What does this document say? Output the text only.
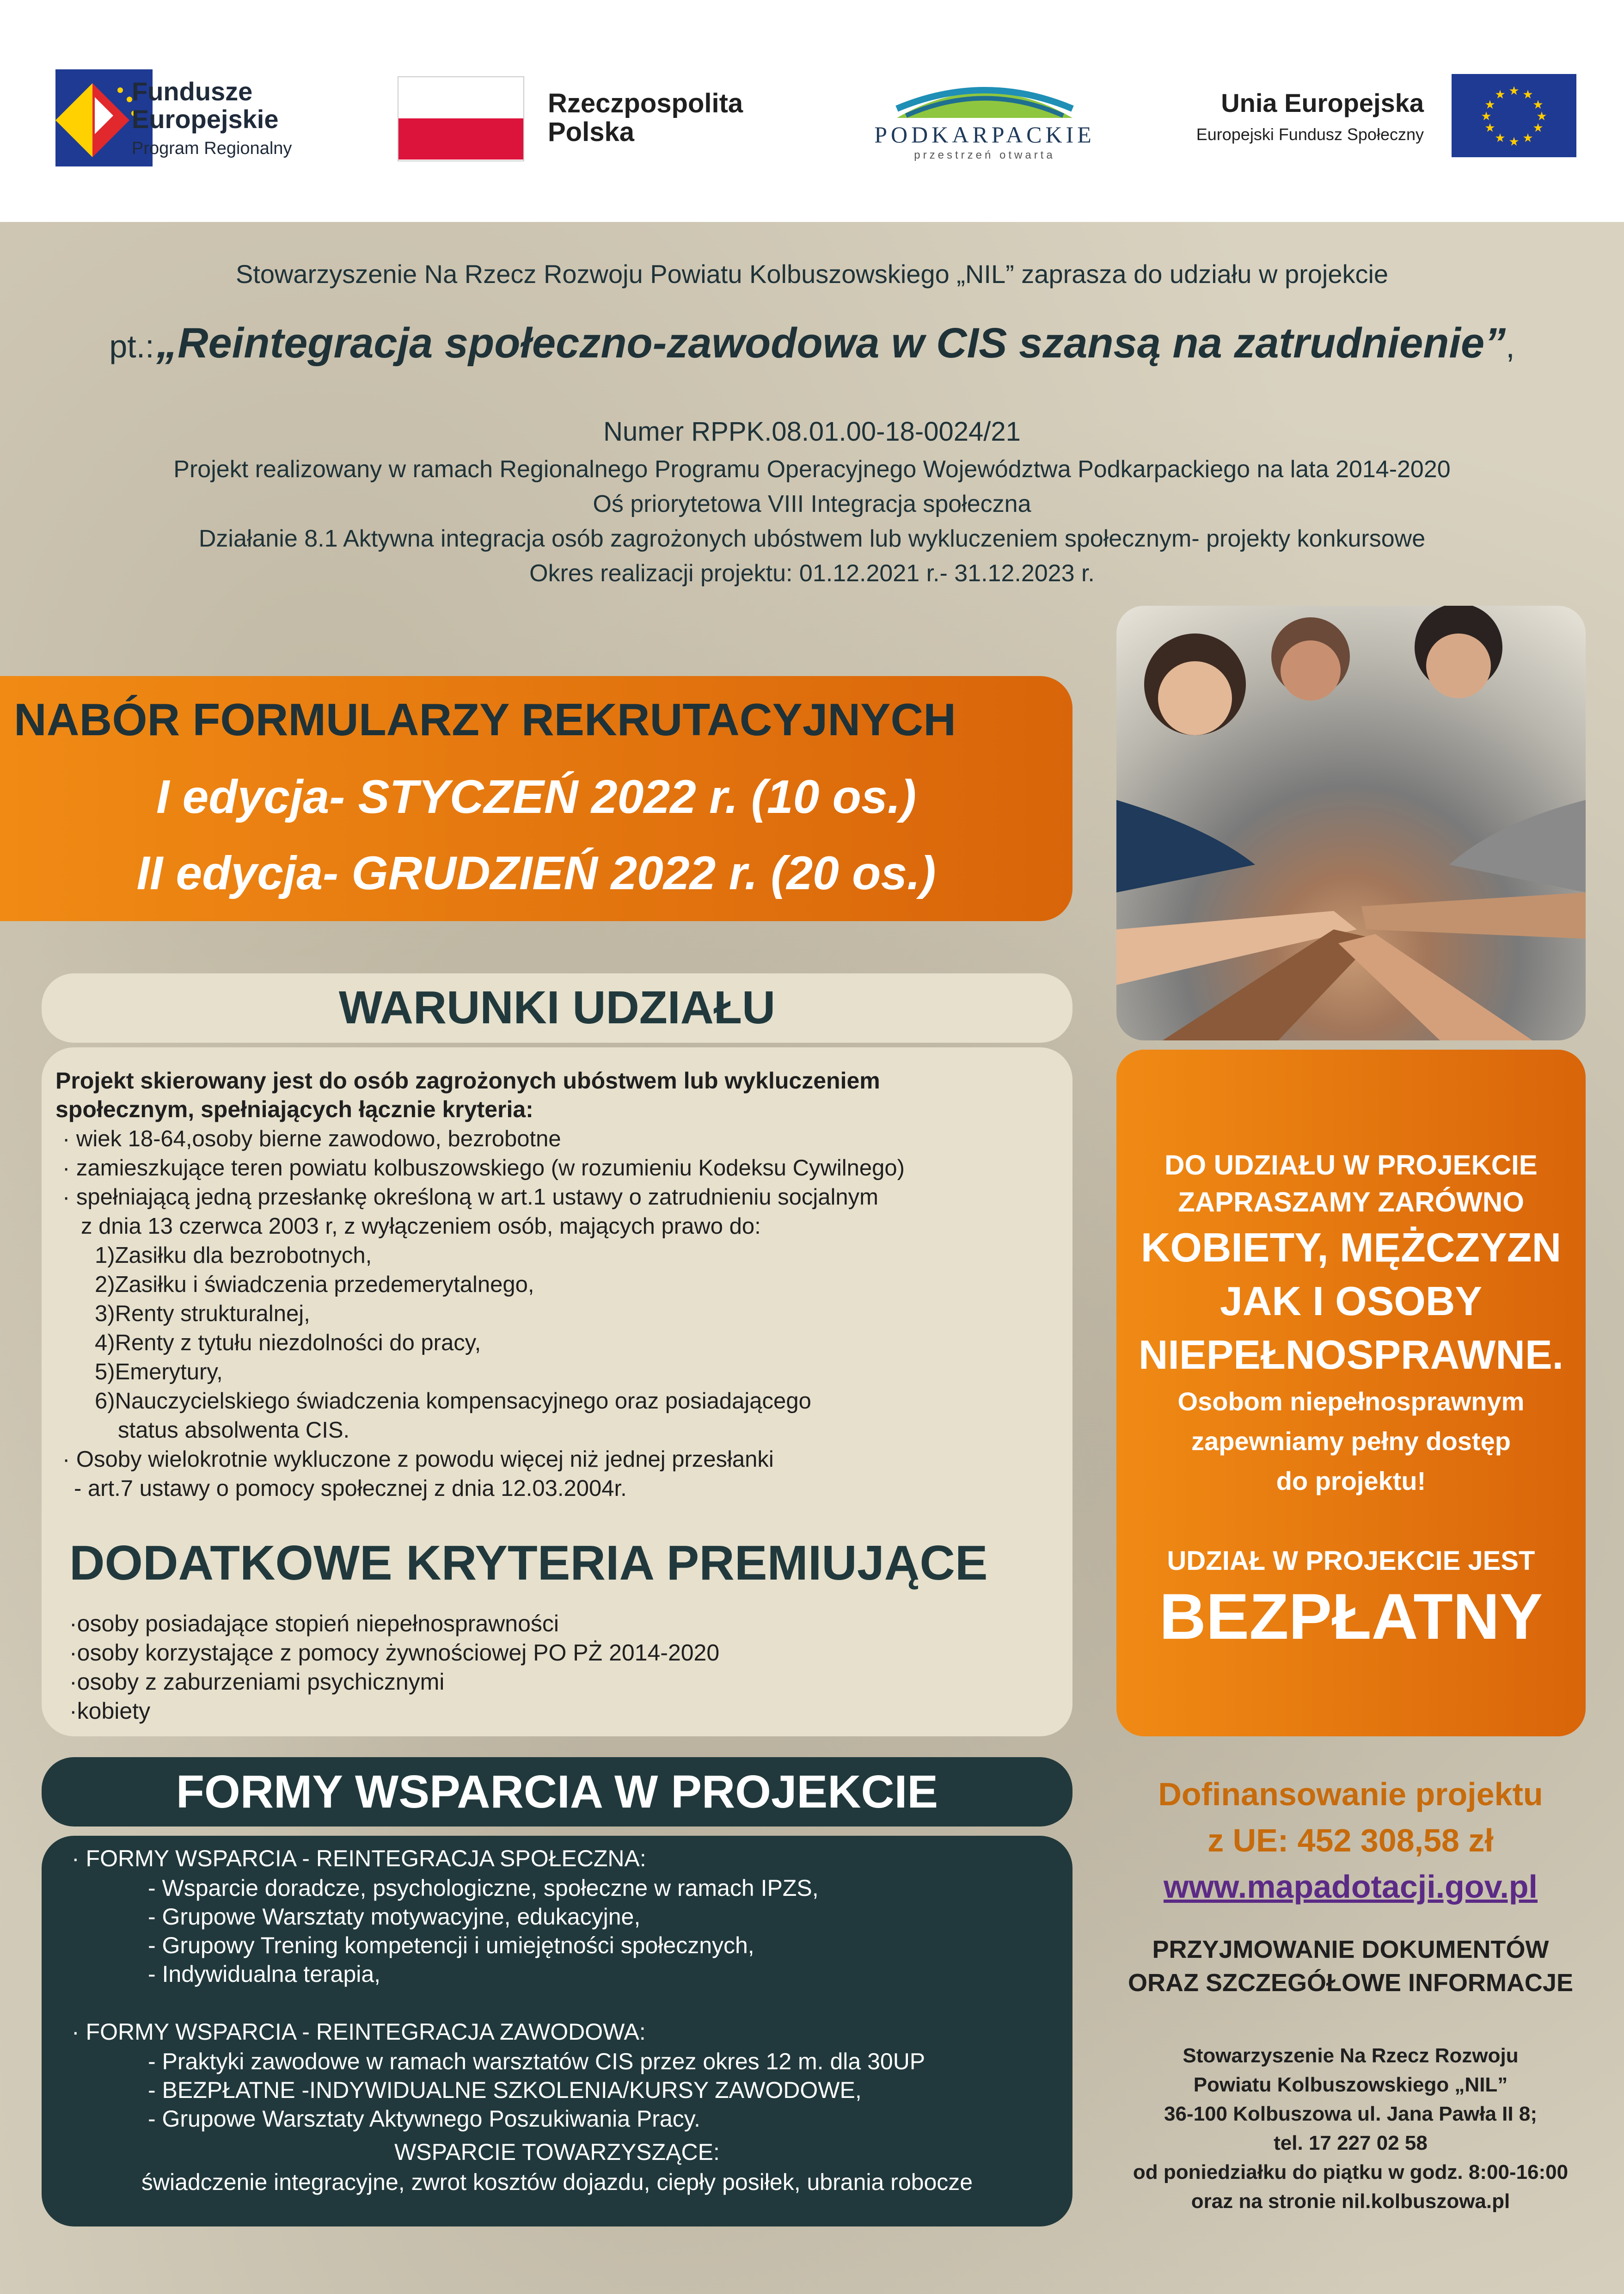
Fundusze
Europejskie
Program Regionalny
Rzeczpospolita
Polska	PODKARPACKIE
przestrzeń otwarta
Unia Europejska
Europejski Fundusz Społeczny
★ ★
★
★
★
★
★
★
★
★
★
★
Stowarzyszenie Na Rzecz Rozwoju Powiatu Kolbuszowskiego „NIL” zaprasza do udziału w projekcie
pt.: „Reintegracja społeczno-zawodowa w CIS szansą na zatrudnienie”,
Numer RPPK.08.01.00-18-0024/21
Projekt realizowany w ramach Regionalnego Programu Operacyjnego Województwa Podkarpackiego na lata 2014-2020
Oś priorytetowa VIII Integracja społeczna
Działanie 8.1 Aktywna integracja osób zagrożonych ubóstwem lub wykluczeniem społecznym- projekty konkursowe
Okres realizacji projektu: 01.12.2021 r.- 31.12.2023 r.
NABÓR FORMULARZY REKRUTACYJNYCH
I edycja- STYCZEŃ 2022 r. (10 os.)
II edycja- GRUDZIEŃ 2022 r. (20 os.)
WARUNKI UDZIAŁU
Projekt skierowany jest do osób zagrożonych ubóstwem lub wykluczeniem
społecznym, spełniających łącznie kryteria:
· wiek 18-64,osoby bierne zawodowo, bezrobotne
· zamieszkujące teren powiatu kolbuszowskiego (w rozumieniu Kodeksu Cywilnego)
· spełniającą jedną przesłankę określoną w art.1 ustawy o zatrudnieniu socjalnym
z dnia 13 czerwca 2003 r, z wyłączeniem osób, mających prawo do:
1)Zasiłku dla bezrobotnych,
2)Zasiłku i świadczenia przedemerytalnego,
3)Renty strukturalnej,
4)Renty z tytułu niezdolności do pracy,
5)Emerytury,
6)Nauczycielskiego świadczenia kompensacyjnego oraz posiadającego
status absolwenta CIS.
· Osoby wielokrotnie wykluczone z powodu więcej niż jednej przesłanki
- art.7 ustawy o pomocy społecznej z dnia 12.03.2004r.
DODATKOWE KRYTERIA PREMIUJĄCE
·osoby posiadające stopień niepełnosprawności
·osoby korzystające z pomocy żywnościowej PO PŻ 2014-2020
·osoby z zaburzeniami psychicznymi
·kobiety
FORMY WSPARCIA W PROJEKCIE
· FORMY WSPARCIA - REINTEGRACJA SPOŁECZNA:
- Wsparcie doradcze, psychologiczne, społeczne w ramach IPZS,
- Grupowe Warsztaty motywacyjne, edukacyjne,
- Grupowy Trening kompetencji i umiejętności społecznych,
- Indywidualna terapia,
· FORMY WSPARCIA - REINTEGRACJA ZAWODOWA:
- Praktyki zawodowe w ramach warsztatów CIS przez okres 12 m. dla 30UP
- BEZPŁATNE -INDYWIDUALNE SZKOLENIA/KURSY ZAWODOWE,
- Grupowe Warsztaty Aktywnego Poszukiwania Pracy.
WSPARCIE TOWARZYSZĄCE:
świadczenie integracyjne, zwrot kosztów dojazdu, ciepły posiłek, ubrania robocze
DO UDZIAŁU W PROJEKCIE
ZAPRASZAMY ZARÓWNO
KOBIETY, MĘŻCZYZN
JAK I OSOBY
NIEPEŁNOSPRAWNE.
Osobom niepełnosprawnym
zapewniamy pełny dostęp
do projektu!
UDZIAŁ W PROJEKCIE JEST
BEZPŁATNY
Dofinansowanie projektu
z UE: 452 308,58 zł
www.mapadotacji.gov.pl
PRZYJMOWANIE DOKUMENTÓW
ORAZ SZCZEGÓŁOWE INFORMACJE
Stowarzyszenie Na Rzecz Rozwoju
Powiatu Kolbuszowskiego „NIL”
36-100 Kolbuszowa ul. Jana Pawła II 8;
tel. 17 227 02 58
od poniedziałku do piątku w godz. 8:00-16:00
oraz na stronie nil.kolbuszowa.pl
